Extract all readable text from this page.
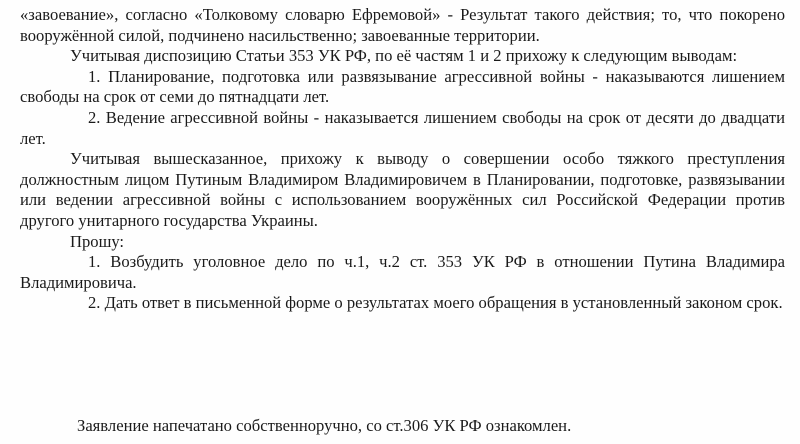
«завоевание», согласно «Толковому словарю Ефремовой» - Результат такого действия; то, что покорено вооружённой силой, подчинено насильственно; завоеванные территории.

Учитывая диспозицию Статьи 353 УК РФ, по её частям 1 и 2 прихожу к следующим выводам:

1. Планирование, подготовка или развязывание агрессивной войны - наказываются лишением свободы на срок от семи до пятнадцати лет.

2. Ведение агрессивной войны - наказывается лишением свободы на срок от десяти до двадцати лет.

Учитывая вышесказанное, прихожу к выводу о совершении особо тяжкого преступления должностным лицом Путиным Владимиром Владимировичем в Планировании, подготовке, развязывании или ведении агрессивной войны с использованием вооружённых сил Российской Федерации против другого унитарного государства Украины.

Прошу:

1. Возбудить уголовное дело по ч.1, ч.2 ст. 353 УК РФ в отношении Путина Владимира Владимировича.

2. Дать ответ в письменной форме о результатах моего обращения в установленный законом срок.

Заявление напечатано собственноручно, со ст.306 УК РФ ознакомлен.
